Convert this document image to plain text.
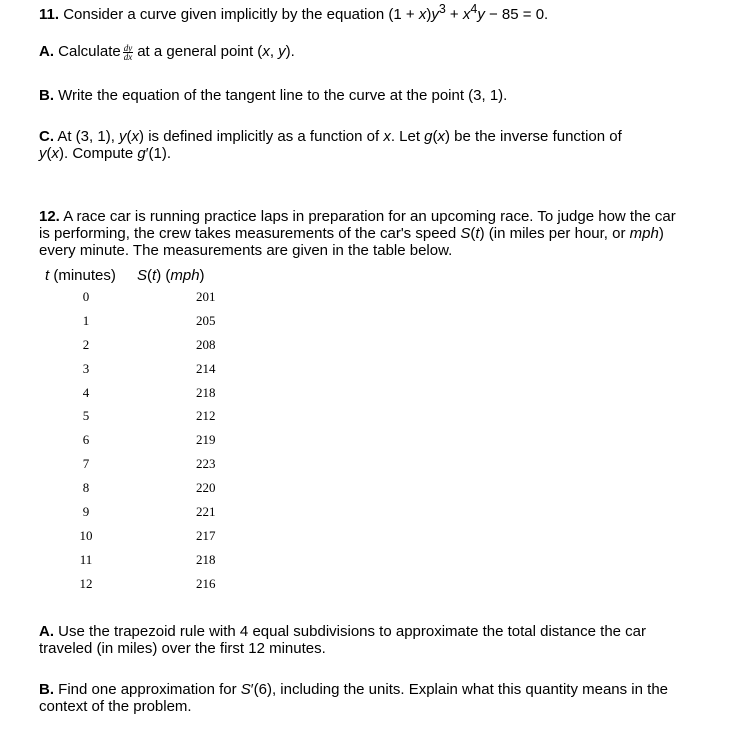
11. Consider a curve given implicitly by the equation $(1 + x)y^3 + x^4y - 85 = 0$.
A. Calculate $\frac{dy}{dx}$ at a general point (x, y).
B. Write the equation of the tangent line to the curve at the point (3, 1).
C. At (3, 1), y(x) is defined implicitly as a function of x. Let g(x) be the inverse function of
y(x). Compute g′(1).
12. A race car is running practice laps in preparation for an upcoming race. To judge how the car is performing, the crew takes measurements of the car's speed S(t) (in miles per hour, or mph) every minute. The measurements are given in the table below.
t (minutes)	S(t) (mph)
0	201
1	205
2	208
3	214
4	218
5	212
6	219
7	223
8	220
9	221
10	217
11	218
12	216
A. Use the trapezoid rule with 4 equal subdivisions to approximate the total distance the car traveled (in miles) over the first 12 minutes.
B. Find one approximation for S′(6), including the units. Explain what this quantity means in the context of the problem.
